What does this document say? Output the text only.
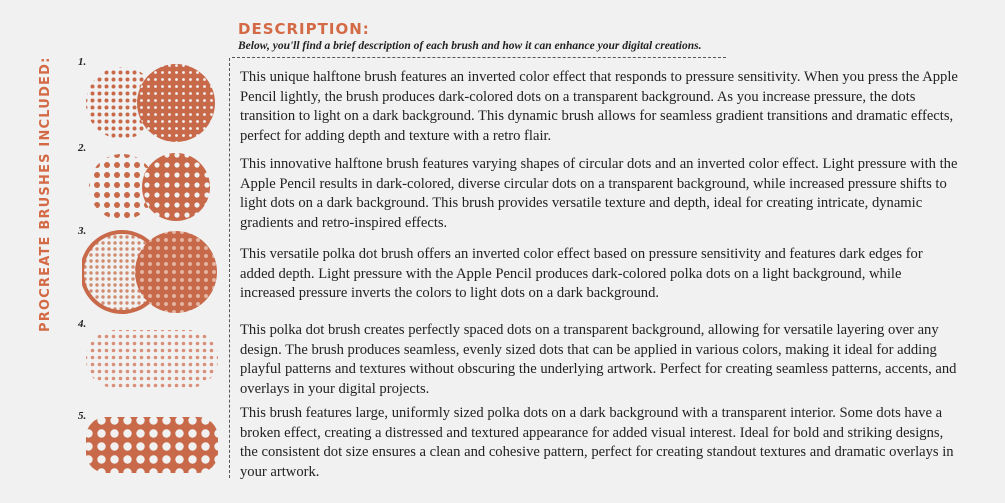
PROCREATE BRUSHES INCLUDED:
DESCRIPTION:
Below, you'll find a brief description of each brush and how it can enhance your digital creations.
1.
This unique halftone brush features an inverted color effect that responds to pressure sensitivity. When you press the Apple Pencil lightly, the brush produces dark-colored dots on a transparent background. As you increase pressure, the dots transition to light on a dark background. This dynamic brush allows for seamless gradient transitions and dramatic effects, perfect for adding depth and texture with a retro flair.
2.
This innovative halftone brush features varying shapes of circular dots and an inverted color effect. Light pressure with the Apple Pencil results in dark-colored, diverse circular dots on a transparent background, while increased pressure shifts to light dots on a dark background. This brush provides versatile texture and depth, ideal for creating intricate, dynamic gradients and retro-inspired effects.
3.
This versatile polka dot brush offers an inverted color effect based on pressure sensitivity and features dark edges for added depth. Light pressure with the Apple Pencil produces dark-colored polka dots on a light background, while increased pressure inverts the colors to light dots on a dark background.
4.	This polka dot brush creates perfectly spaced dots on a transparent background, allowing for versatile layering over any design. The brush produces seamless, evenly sized dots that can be applied in various colors, making it ideal for adding playful patterns and textures without obscuring the underlying artwork. Perfect for creating seamless patterns, accents, and overlays in your digital projects.
5.	This brush features large, uniformly sized polka dots on a dark background with a transparent interior. Some dots have a broken effect, creating a distressed and textured appearance for added visual interest. Ideal for bold and striking designs, the consistent dot size ensures a clean and cohesive pattern, perfect for creating standout textures and dramatic overlays in your artwork.
